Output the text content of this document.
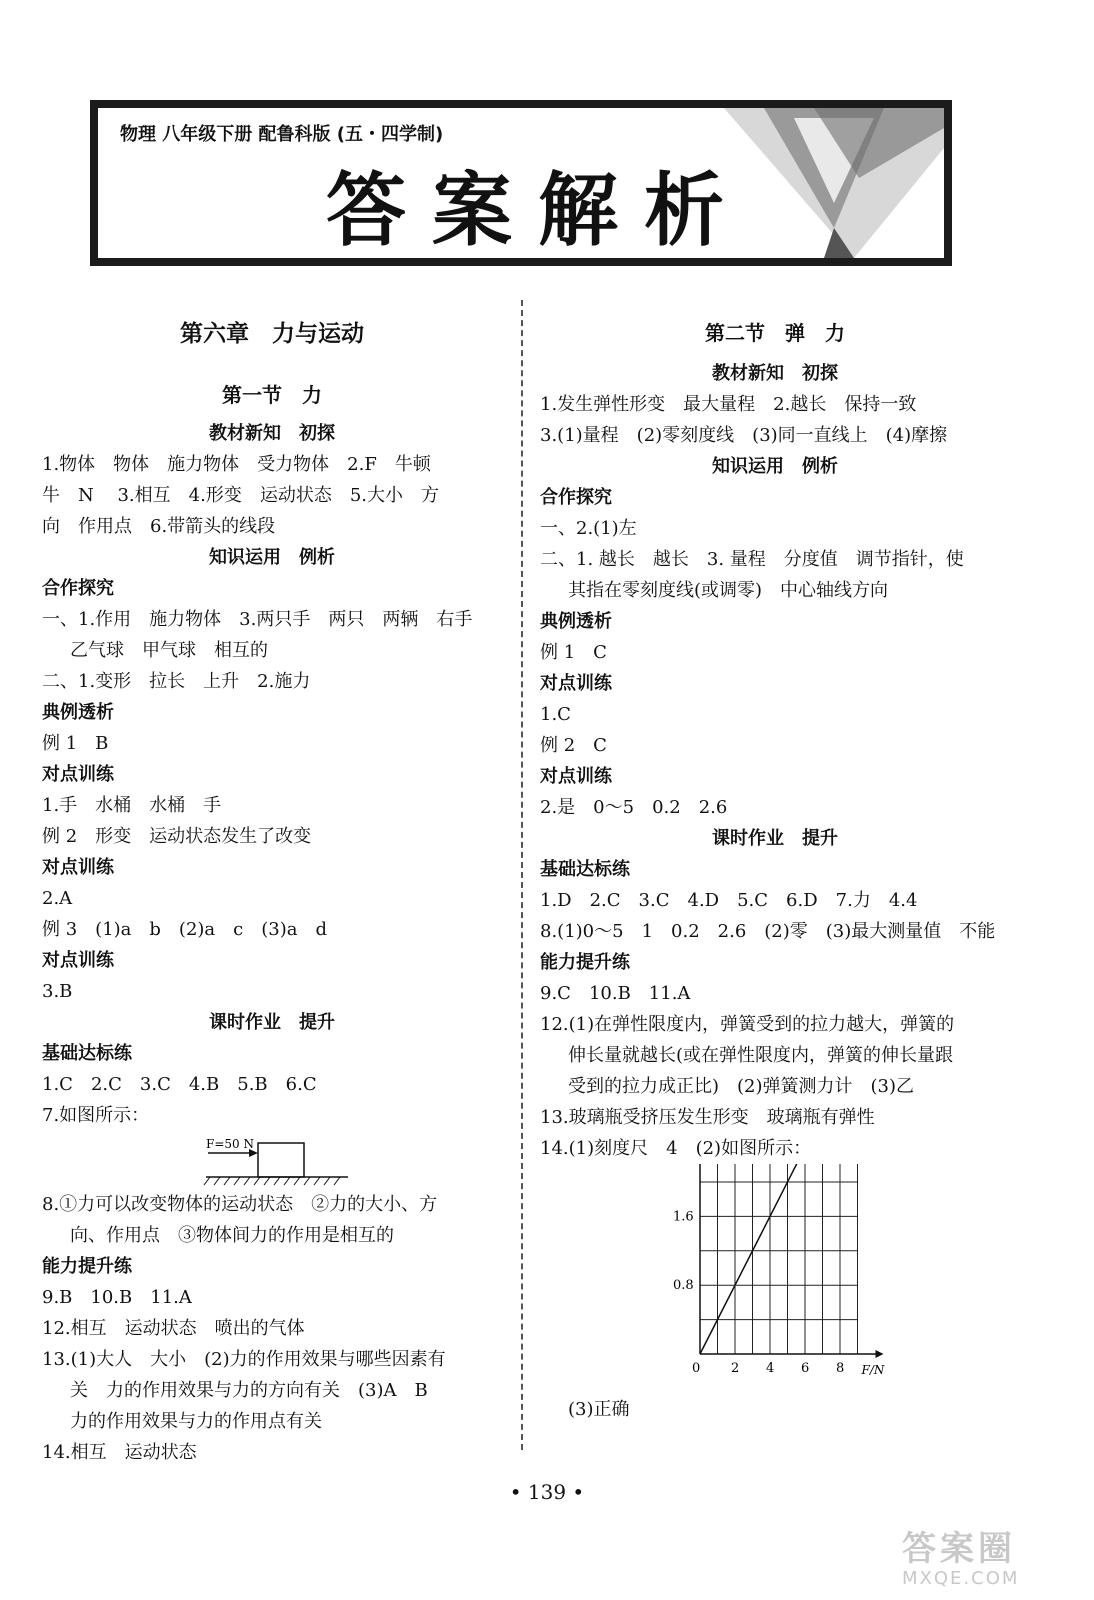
物理 八年级下册 配鲁科版 (五・四学制)
答案解析
第六章　力与运动
第一节　力
教材新知　初探
1.物体　物体　施力物体　受力物体　2.F　牛顿
牛　N　 3.相互　4.形变　运动状态　5.大小　方
向　作用点　6.带箭头的线段
知识运用　例析
合作探究
一、1.作用　施力物体　3.两只手　两只　两辆　右手
乙气球　甲气球　相互的
二、1.变形　拉长　上升　2.施力
典例透析
例 1　B
对点训练
1.手　水桶　水桶　手
例 2　形变　运动状态发生了改变
对点训练
2.A
例 3　(1)a　b　(2)a　c　(3)a　d
对点训练
3.B
课时作业　提升
基础达标练
1.C　2.C　3.C　4.B　5.B　6.C
7.如图所示：
F=50 N
8.①力可以改变物体的运动状态　②力的大小、方
向、作用点　③物体间力的作用是相互的
能力提升练
9.B　10.B　11.A
12.相互　运动状态　喷出的气体
13.(1)大人　大小　(2)力的作用效果与哪些因素有
关　力的作用效果与力的方向有关　(3)A　B
力的作用效果与力的作用点有关
14.相互　运动状态
第二节　弹　力
教材新知　初探
1.发生弹性形变　最大量程　2.越长　保持一致
3.(1)量程　(2)零刻度线　(3)同一直线上　(4)摩擦
知识运用　例析
合作探究
一、2.(1)左
二、1. 越长　越长　3. 量程　分度值　调节指针，使
其指在零刻度线(或调零)　中心轴线方向
典例透析
例 1　C
对点训练
1.C
例 2　C
对点训练
2.是　0～5　0.2　2.6
课时作业　提升
基础达标练
1.D　2.C　3.C　4.D　5.C　6.D　7.力　4.4
8.(1)0～5　1　0.2　2.6　(2)零　(3)最大测量值　不能
能力提升练
9.C　10.B　11.A
12.(1)在弹性限度内，弹簧受到的拉力越大，弹簧的
伸长量就越长(或在弹性限度内，弹簧的伸长量跟
受到的拉力成正比)　(2)弹簧测力计　(3)乙
13.玻璃瓶受挤压发生形变　玻璃瓶有弹性
14.(1)刻度尺　4　(2)如图所示：
0 2 4 6 8
0.8
1.6
F/N
(3)正确
• 139 •
答案圈
MXQE.COM
